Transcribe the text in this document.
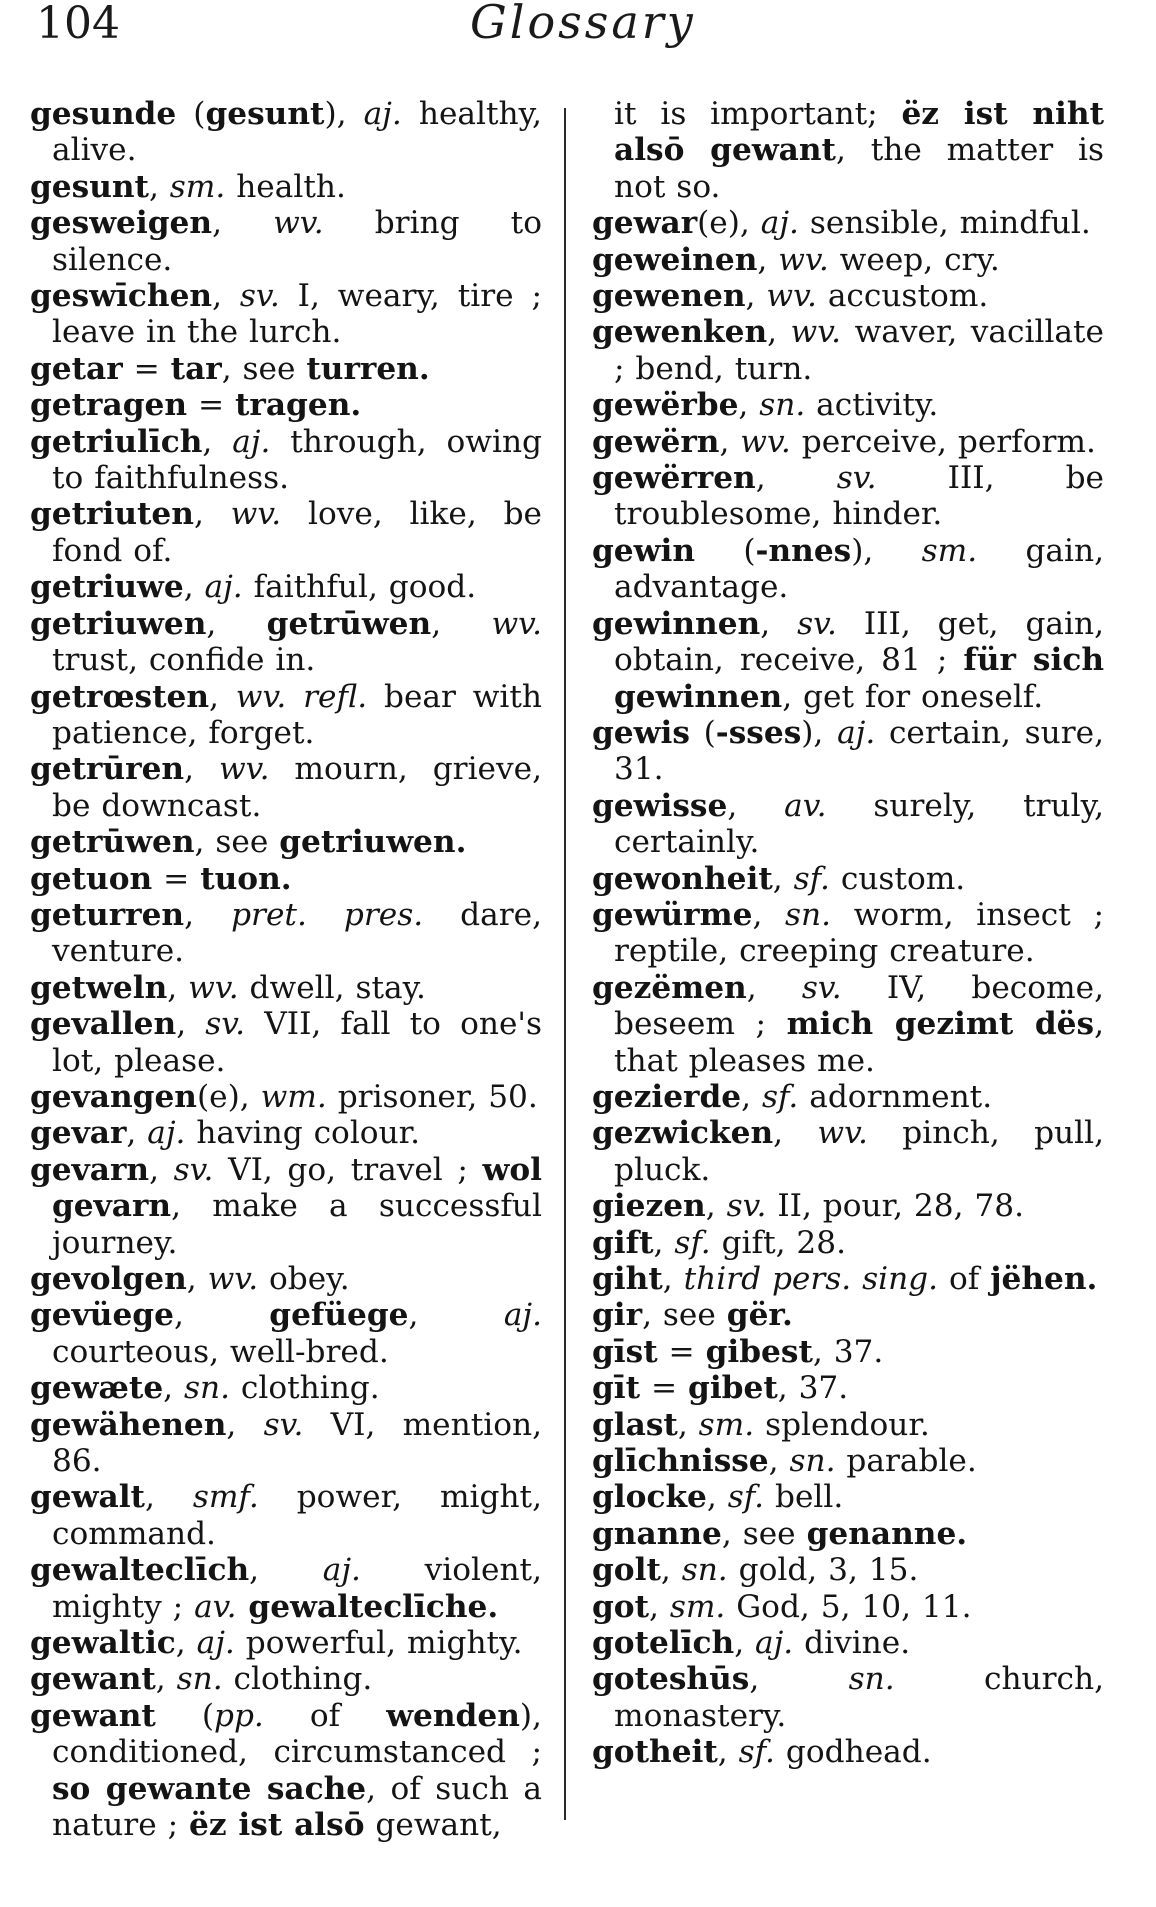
104	Glossary
gesunde (gesunt), aj. healthy, alive.
gesunt, sm. health.
gesweigen, wv. bring to silence.
geswīchen, sv. I, weary, tire ; leave in the lurch.
getar = tar, see turren.
getragen = tragen.
getriulīch, aj. through, owing to faithfulness.
getriuten, wv. love, like, be fond of.
getriuwe, aj. faithful, good.
getriuwen, getrūwen, wv. trust, confide in.
getrœsten, wv. refl. bear with patience, forget.
getrūren, wv. mourn, grieve, be downcast.
getrūwen, see getriuwen.
getuon = tuon.
geturren, pret. pres. dare, venture.
getweln, wv. dwell, stay.
gevallen, sv. VII, fall to one's lot, please.
gevangen(e), wm. prisoner, 50.
gevar, aj. having colour.
gevarn, sv. VI, go, travel ; wol gevarn, make a successful journey.
gevolgen, wv. obey.
gevüege, gefüege, aj. courteous, well-bred.
gewæte, sn. clothing.
gewähenen, sv. VI, mention, 86.
gewalt, smf. power, might, command.
gewalteclīch, aj. violent, mighty ; av. gewalteclīche.
gewaltic, aj. powerful, mighty.
gewant, sn. clothing.
gewant (pp. of wenden), conditioned, circumstanced ; so gewante sache, of such a nature ; ëz ist alsō gewant,
it is important; ëz ist niht alsō gewant, the matter is not so.
gewar(e), aj. sensible, mindful.
geweinen, wv. weep, cry.
gewenen, wv. accustom.
gewenken, wv. waver, vacillate ; bend, turn.
gewërbe, sn. activity.
gewërn, wv. perceive, perform.
gewërren, sv. III, be troublesome, hinder.
gewin (-nnes), sm. gain, advantage.
gewinnen, sv. III, get, gain, obtain, receive, 81 ; für sich gewinnen, get for oneself.
gewis (-sses), aj. certain, sure, 31.
gewisse, av. surely, truly, certainly.
gewonheit, sf. custom.
gewürme, sn. worm, insect ; reptile, creeping creature.
gezëmen, sv. IV, become, beseem ; mich gezimt dës, that pleases me.
gezierde, sf. adornment.
gezwicken, wv. pinch, pull, pluck.
giezen, sv. II, pour, 28, 78.
gift, sf. gift, 28.
giht, third pers. sing. of jëhen.
gir, see gër.
gīst = gibest, 37.
gīt = gibet, 37.
glast, sm. splendour.
glīchnisse, sn. parable.
glocke, sf. bell.
gnanne, see genanne.
golt, sn. gold, 3, 15.
got, sm. God, 5, 10, 11.
gotelīch, aj. divine.
goteshūs, sn. church, monastery.
gotheit, sf. godhead.
